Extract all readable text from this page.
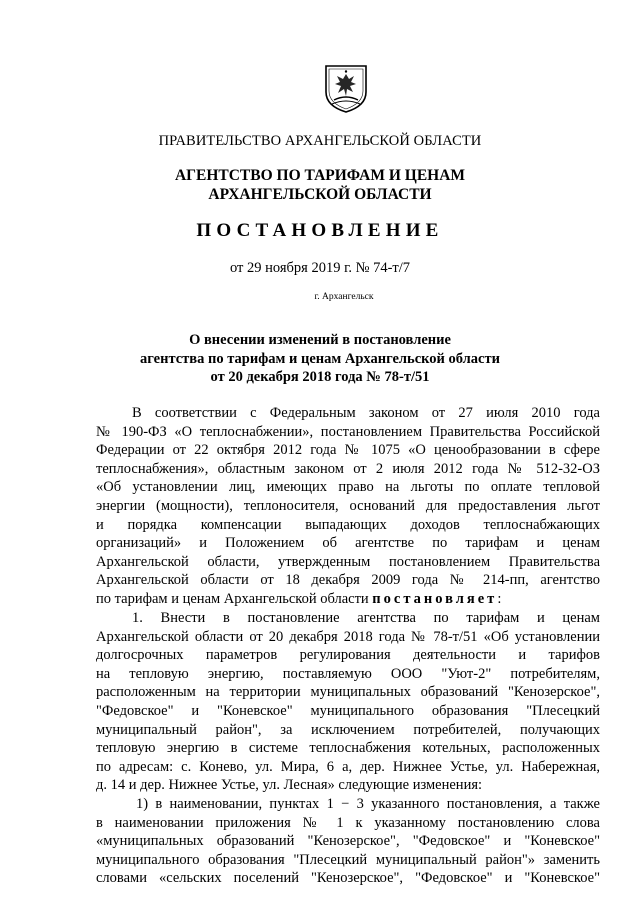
ПРАВИТЕЛЬСТВО АРХАНГЕЛЬСКОЙ ОБЛАСТИ
АГЕНТСТВО ПО ТАРИФАМ И ЦЕНАМ
АРХАНГЕЛЬСКОЙ ОБЛАСТИ
ПОСТАНОВЛЕНИЕ
от 29 ноября 2019 г. № 74-т/7
г. Архангельск
О внесении изменений в постановление
агентства по тарифам и ценам Архангельской области
от 20 декабря 2018 года № 78-т/51
В соответствии с Федеральным законом от 27 июля 2010 года
№ 190-ФЗ «О теплоснабжении», постановлением Правительства Российской
Федерации от 22 октября 2012 года № 1075 «О ценообразовании в сфере
теплоснабжения», областным законом от 2 июля 2012 года № 512-32-ОЗ
«Об установлении лиц, имеющих право на льготы по оплате тепловой
энергии (мощности), теплоносителя, оснований для предоставления льгот
и порядка компенсации выпадающих доходов теплоснабжающих
организаций» и Положением об агентстве по тарифам и ценам
Архангельской области, утвержденным постановлением Правительства
Архангельской области от 18 декабря 2009 года № 214-пп, агентство
по тарифам и ценам Архангельской области постановляет:
1. Внести в постановление агентства по тарифам и ценам
Архангельской области от 20 декабря 2018 года № 78-т/51 «Об установлении
долгосрочных параметров регулирования деятельности и тарифов
на тепловую энергию, поставляемую ООО "Уют-2" потребителям,
расположенным на территории муниципальных образований "Кенозерское",
"Федовское" и "Коневское" муниципального образования "Плесецкий
муниципальный район", за исключением потребителей, получающих
тепловую энергию в системе теплоснабжения котельных, расположенных
по адресам: с. Конево, ул. Мира, 6 а, дер. Нижнее Устье, ул. Набережная,
д. 14 и дер. Нижнее Устье, ул. Лесная» следующие изменения:
1) в наименовании, пунктах 1 − 3 указанного постановления, а также
в наименовании приложения № 1 к указанному постановлению слова
«муниципальных образований "Кенозерское", "Федовское" и "Коневское"
муниципального образования "Плесецкий муниципальный район"» заменить
словами «сельских поселений "Кенозерское", "Федовское" и "Коневское"
